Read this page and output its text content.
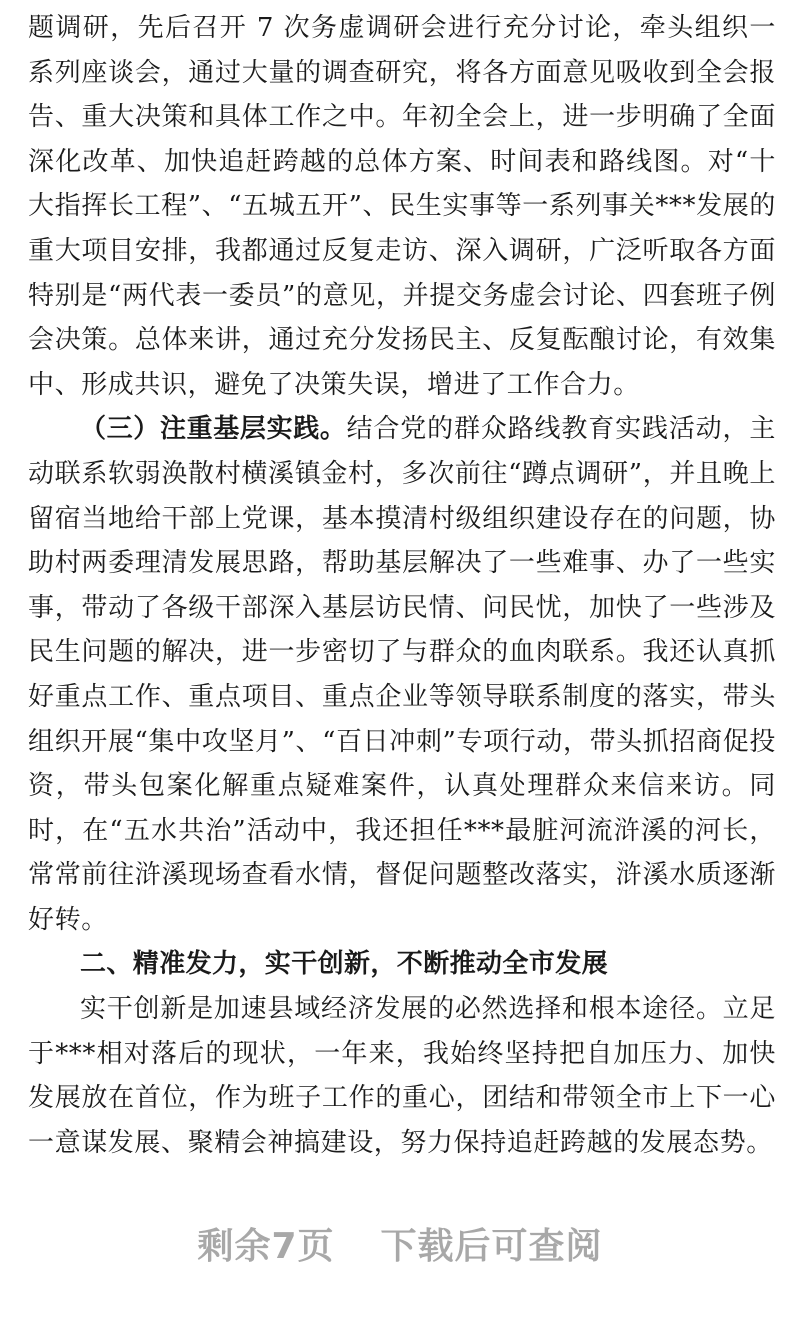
题调研，先后召开 7 次务虚调研会进行充分讨论，牵头组织一系列座谈会，通过大量的调查研究，将各方面意见吸收到全会报告、重大决策和具体工作之中。年初全会上，进一步明确了全面深化改革、加快追赶跨越的总体方案、时间表和路线图。对“十大指挥长工程”、“五城五开”、民生实事等一系列事关***发展的重大项目安排，我都通过反复走访、深入调研，广泛听取各方面特别是“两代表一委员”的意见，并提交务虚会讨论、四套班子例会决策。总体来讲，通过充分发扬民主、反复酝酿讨论，有效集中、形成共识，避免了决策失误，增进了工作合力。

（三）注重基层实践。结合党的群众路线教育实践活动，主动联系软弱涣散村横溪镇金村，多次前往“蹲点调研”，并且晚上留宿当地给干部上党课，基本摸清村级组织建设存在的问题，协助村两委理清发展思路，帮助基层解决了一些难事、办了一些实事，带动了各级干部深入基层访民情、问民忧，加快了一些涉及民生问题的解决，进一步密切了与群众的血肉联系。我还认真抓好重点工作、重点项目、重点企业等领导联系制度的落实，带头组织开展“集中攻坚月”、“百日冲刺”专项行动，带头抓招商促投资，带头包案化解重点疑难案件，认真处理群众来信来访。同时，在“五水共治”活动中，我还担任***最脏河流浒溪的河长，常常前往浒溪现场查看水情，督促问题整改落实，浒溪水质逐渐好转。

二、精准发力，实干创新，不断推动全市发展

实干创新是加速县域经济发展的必然选择和根本途径。立足于***相对落后的现状，一年来，我始终坚持把自加压力、加快发展放在首位，作为班子工作的重心，团结和带领全市上下一心一意谋发展、聚精会神搞建设，努力保持追赶跨越的发展态势。

剩余7页 下载后可查阅
